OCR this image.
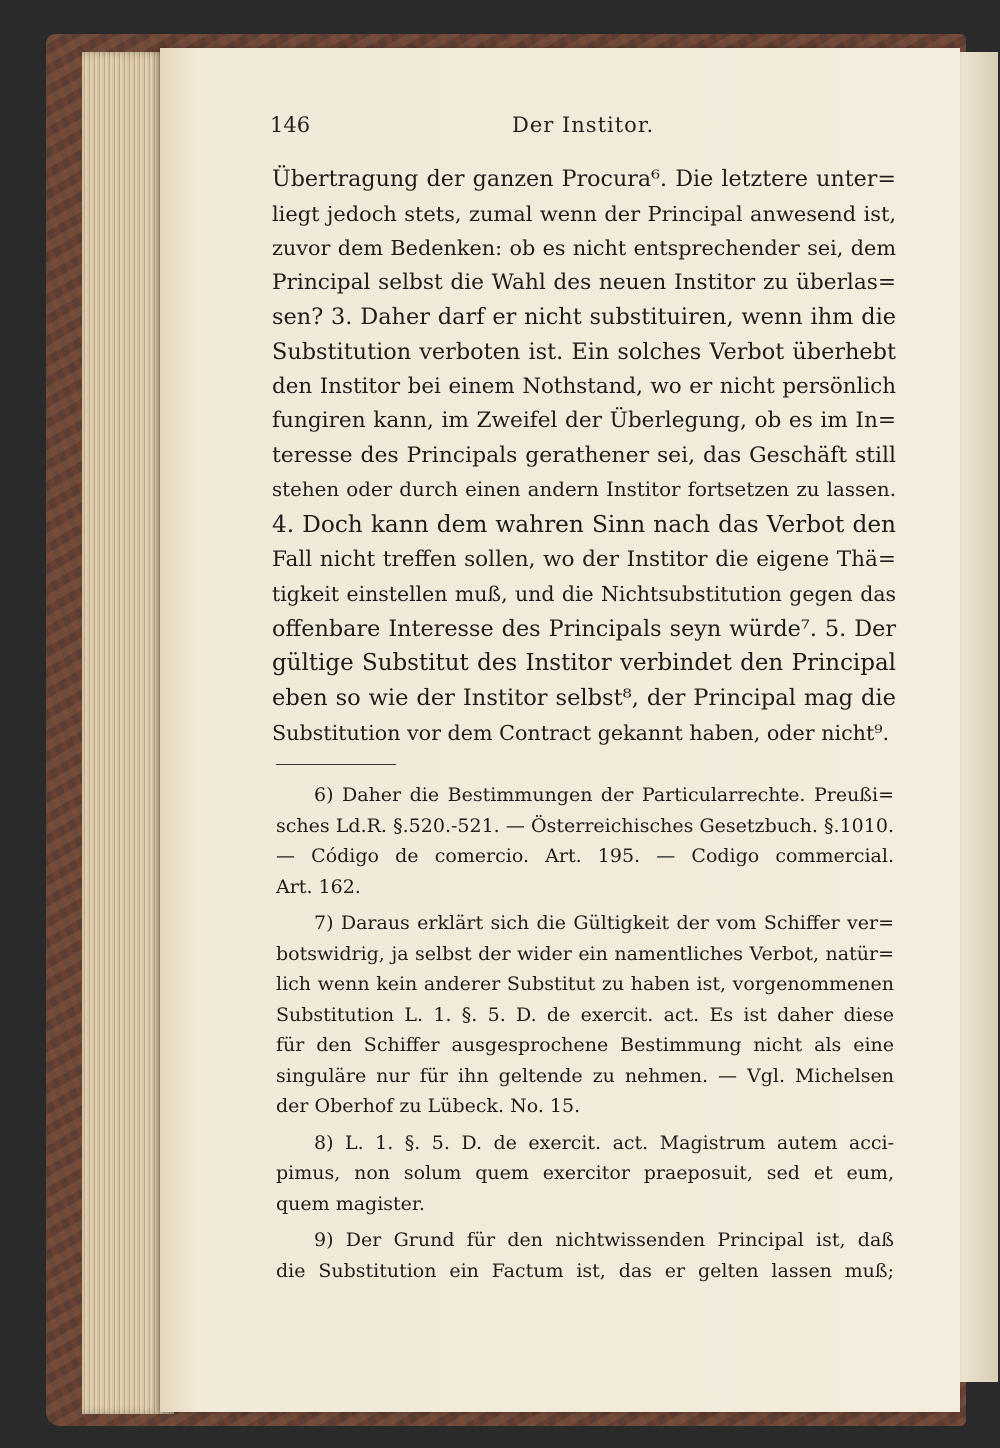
146	Der Institor.
Übertragung der ganzen Procura⁶. Die letztere unter=
liegt jedoch stets, zumal wenn der Principal anwesend ist,
zuvor dem Bedenken: ob es nicht entsprechender sei, dem
Principal selbst die Wahl des neuen Institor zu überlas=
sen? 3. Daher darf er nicht substituiren, wenn ihm die
Substitution verboten ist. Ein solches Verbot überhebt
den Institor bei einem Nothstand, wo er nicht persönlich
fungiren kann, im Zweifel der Überlegung, ob es im In=
teresse des Principals gerathener sei, das Geschäft still
stehen oder durch einen andern Institor fortsetzen zu lassen.
4. Doch kann dem wahren Sinn nach das Verbot den
Fall nicht treffen sollen, wo der Institor die eigene Thä=
tigkeit einstellen muß, und die Nichtsubstitution gegen das
offenbare Interesse des Principals seyn würde⁷. 5. Der
gültige Substitut des Institor verbindet den Principal
eben so wie der Institor selbst⁸, der Principal mag die
Substitution vor dem Contract gekannt haben, oder nicht⁹.
6) Daher die Bestimmungen der Particularrechte. Preußi=
sches Ld.R. §.520.-521. — Österreichisches Gesetzbuch. §.1010.
— Código de comercio. Art. 195. — Codigo commercial.
Art. 162.
7) Daraus erklärt sich die Gültigkeit der vom Schiffer ver=
botswidrig, ja selbst der wider ein namentliches Verbot, natür=
lich wenn kein anderer Substitut zu haben ist, vorgenommenen
Substitution L. 1. §. 5. D. de exercit. act. Es ist daher diese
für den Schiffer ausgesprochene Bestimmung nicht als eine
singuläre nur für ihn geltende zu nehmen. — Vgl. Michelsen
der Oberhof zu Lübeck. No. 15.
8) L. 1. §. 5. D. de exercit. act. Magistrum autem acci-
pimus, non solum quem exercitor praeposuit, sed et eum,
quem magister.
9) Der Grund für den nichtwissenden Principal ist, daß
die Substitution ein Factum ist, das er gelten lassen muß;
